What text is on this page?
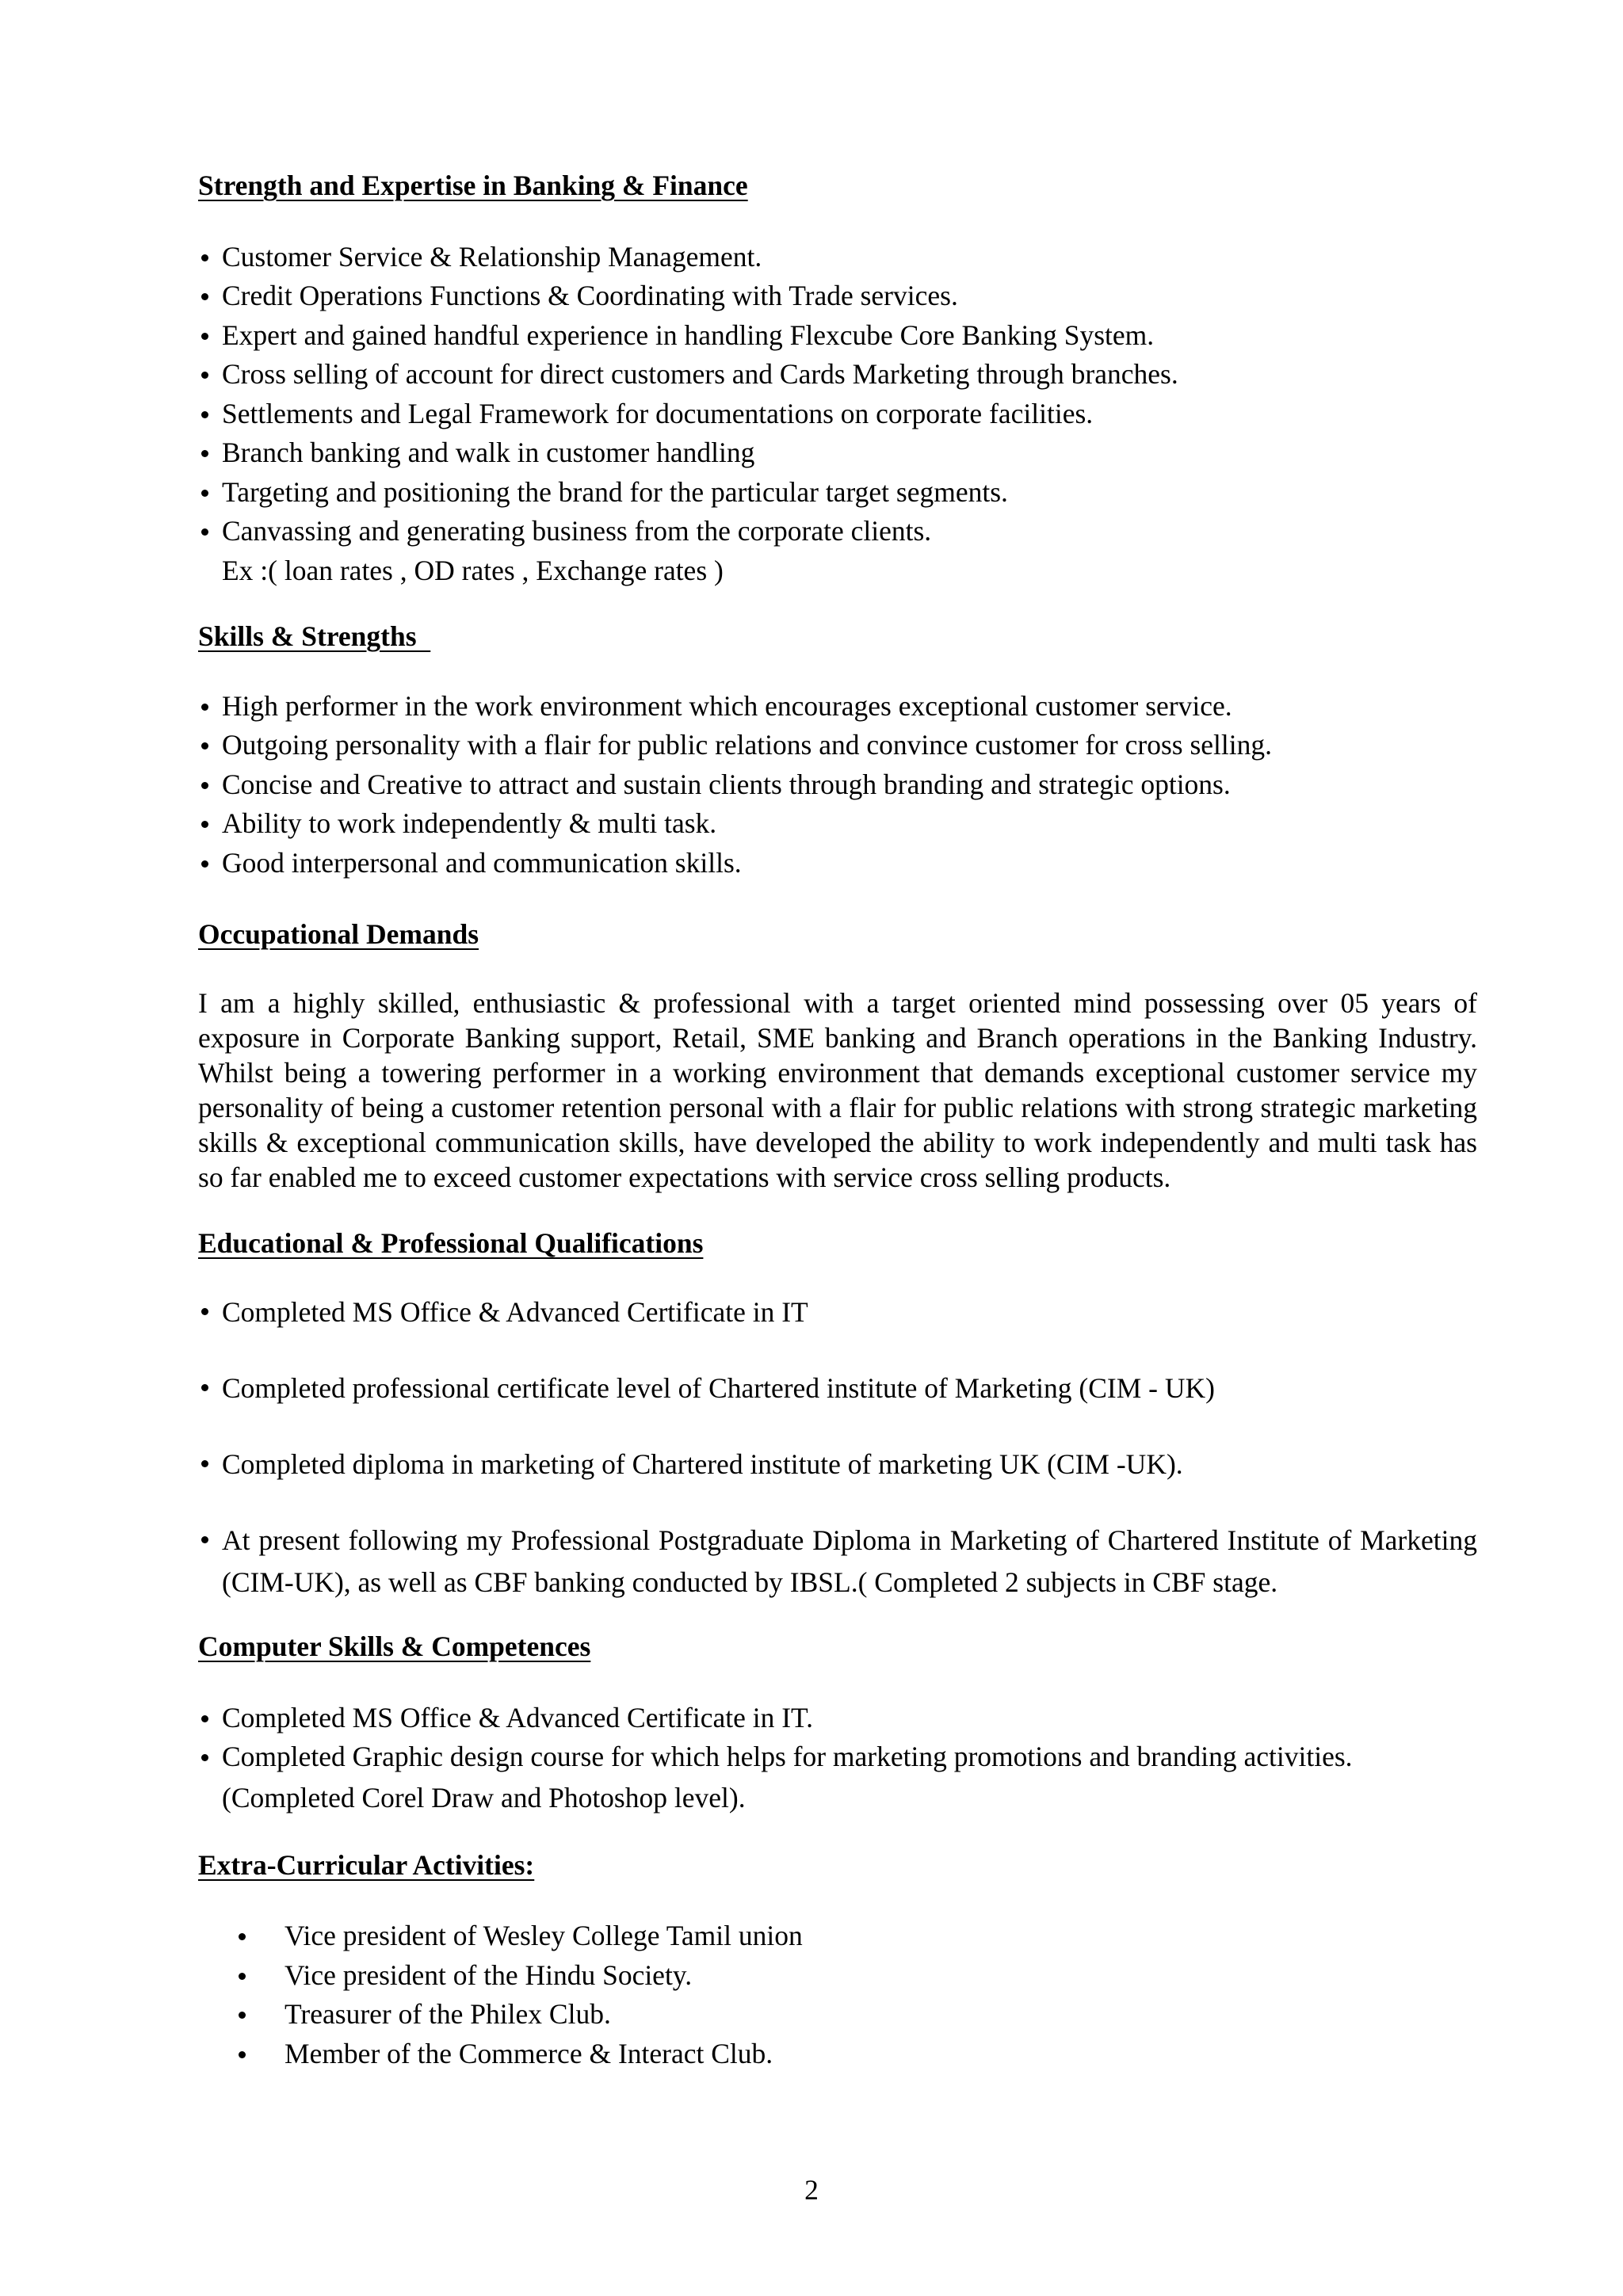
Strength and Expertise in Banking & Finance

Customer Service & Relationship Management.
Credit Operations Functions & Coordinating with Trade services.
Expert and gained handful experience in handling Flexcube Core Banking System.
Cross selling of account for direct customers and Cards Marketing through branches.
Settlements and Legal Framework for documentations on corporate facilities.
Branch banking and walk in customer handling
Targeting and positioning the brand for the particular target segments.
Canvassing and generating business from the corporate clients.
Ex :( loan rates , OD rates , Exchange rates )

Skills & Strengths

High performer in the work environment which encourages exceptional customer service.
Outgoing personality with a flair for public relations and convince customer for cross selling.
Concise and Creative to attract and sustain clients through branding and strategic options.
Ability to work independently & multi task.
Good interpersonal and communication skills.

Occupational Demands

I am a highly skilled, enthusiastic & professional with a target oriented mind possessing over 05 years of exposure in Corporate Banking support, Retail, SME banking and Branch operations in the Banking Industry. Whilst being a towering performer in a working environment that demands exceptional customer service my personality of being a customer retention personal with a flair for public relations with strong strategic marketing skills & exceptional communication skills, have developed the ability to work independently and multi task has so far enabled me to exceed customer expectations with service cross selling products.

Educational & Professional Qualifications

Completed MS Office & Advanced Certificate in IT
Completed professional certificate level of Chartered institute of Marketing (CIM - UK)
Completed diploma in marketing of Chartered institute of marketing UK (CIM -UK).
At present following my Professional Postgraduate Diploma in Marketing of Chartered Institute of Marketing (CIM-UK), as well as CBF banking conducted by IBSL.( Completed 2 subjects in CBF stage.

Computer Skills & Competences

Completed MS Office & Advanced Certificate in IT.
Completed Graphic design course for which helps for marketing promotions and branding activities.
(Completed Corel Draw and Photoshop level).

Extra-Curricular Activities:

Vice president of Wesley College Tamil union
Vice president of the Hindu Society.
Treasurer of the Philex Club.
Member of the Commerce & Interact Club.
2
